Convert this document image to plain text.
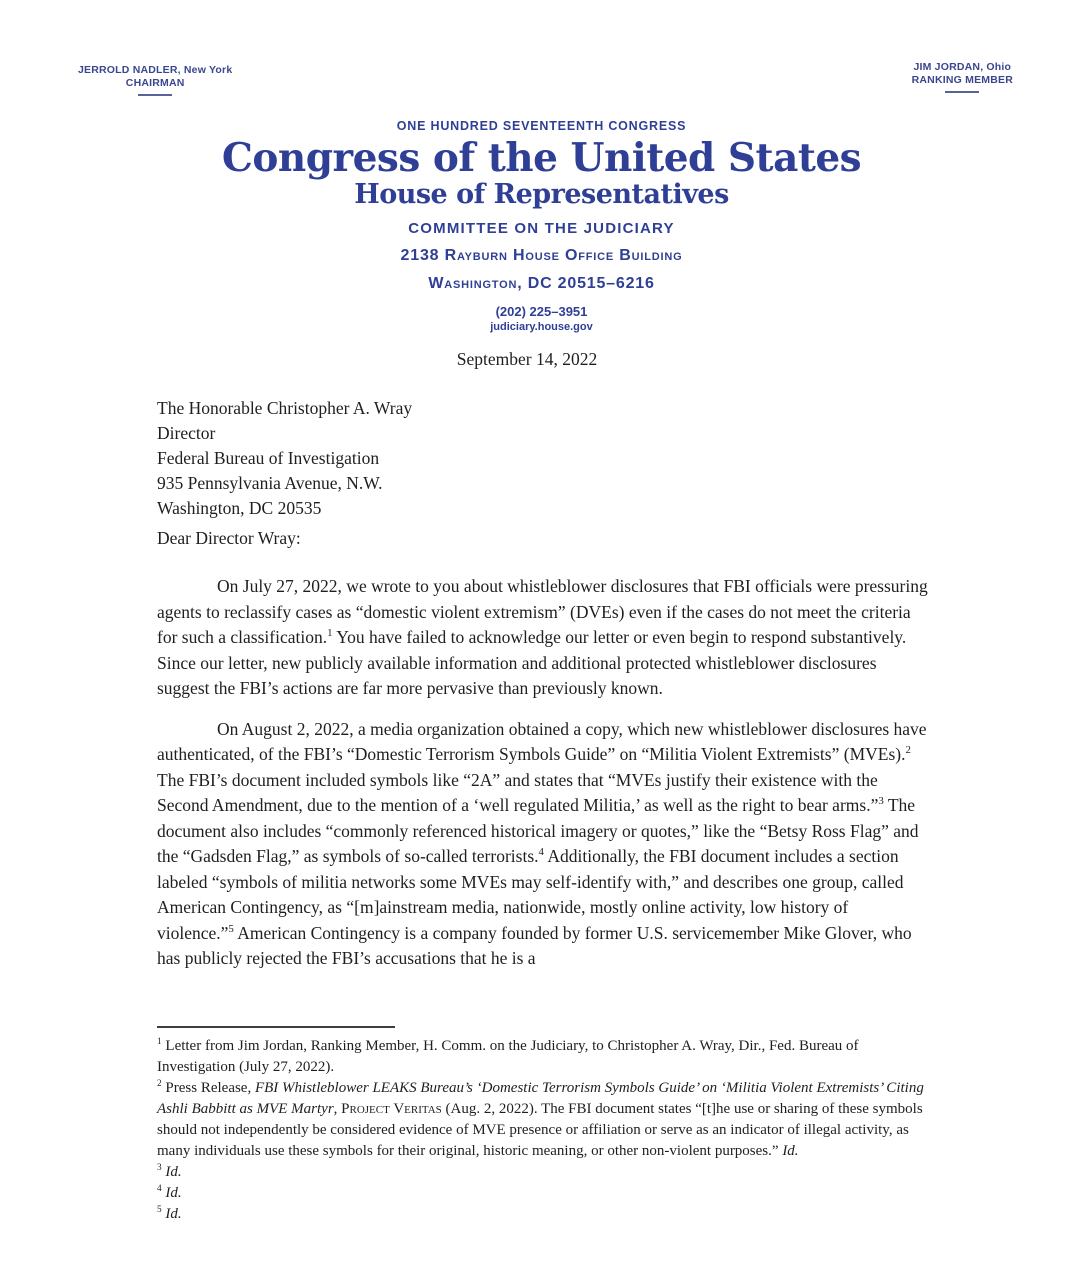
JERROLD NADLER, New York
CHAIRMAN
JIM JORDAN, Ohio
RANKING MEMBER
ONE HUNDRED SEVENTEENTH CONGRESS
Congress of the United States
House of Representatives
COMMITTEE ON THE JUDICIARY
2138 Rayburn House Office Building
Washington, DC 20515–6216
(202) 225–3951
judiciary.house.gov
September 14, 2022
The Honorable Christopher A. Wray
Director
Federal Bureau of Investigation
935 Pennsylvania Avenue, N.W.
Washington, DC 20535
Dear Director Wray:

On July 27, 2022, we wrote to you about whistleblower disclosures that FBI officials were pressuring agents to reclassify cases as “domestic violent extremism” (DVEs) even if the cases do not meet the criteria for such a classification.$^1$ You have failed to acknowledge our letter or even begin to respond substantively. Since our letter, new publicly available information and additional protected whistleblower disclosures suggest the FBI’s actions are far more pervasive than previously known.

On August 2, 2022, a media organization obtained a copy, which new whistleblower disclosures have authenticated, of the FBI’s “Domestic Terrorism Symbols Guide” on “Militia Violent Extremists” (MVEs).$^2$ The FBI’s document included symbols like “2A” and states that “MVEs justify their existence with the Second Amendment, due to the mention of a ‘well regulated Militia,’ as well as the right to bear arms.”$^3$ The document also includes “commonly referenced historical imagery or quotes,” like the “Betsy Ross Flag” and the “Gadsden Flag,” as symbols of so-called terrorists.$^4$ Additionally, the FBI document includes a section labeled “symbols of militia networks some MVEs may self-identify with,” and describes one group, called American Contingency, as “[m]ainstream media, nationwide, mostly online activity, low history of violence.”$^5$ American Contingency is a company founded by former U.S. servicemember Mike Glover, who has publicly rejected the FBI’s accusations that he is a

$^1$ Letter from Jim Jordan, Ranking Member, H. Comm. on the Judiciary, to Christopher A. Wray, Dir., Fed. Bureau of Investigation (July 27, 2022).
$^2$ Press Release, FBI Whistleblower LEAKS Bureau’s ‘Domestic Terrorism Symbols Guide’ on ‘Militia Violent Extremists’ Citing Ashli Babbitt as MVE Martyr, Project Veritas (Aug. 2, 2022). The FBI document states “[t]he use or sharing of these symbols should not independently be considered evidence of MVE presence or affiliation or serve as an indicator of illegal activity, as many individuals use these symbols for their original, historic meaning, or other non-violent purposes.” Id.
$^3$ Id.
$^4$ Id.
$^5$ Id.
